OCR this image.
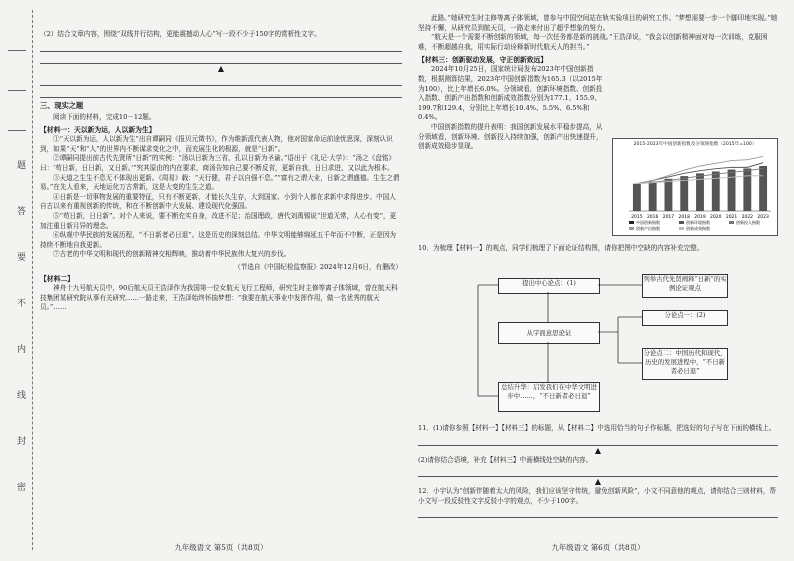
题
答
要
不
内
线
封
密

（2）结合文章内容，围绕“双线并行结构，更能震撼动人心”写一段不少于150字的赏析性文字。

▲
三、现实之题

阅读下面的材料，完成10－12题。

【材料一：天以新为运，人以新为生】

①“天以新为运，人以新为生”出自谭嗣同《报贝元徵书》，作为维新派代表人物，他对国家命运前途忧思深，深刻认识到，如果“天”和“人”的世界内不断谋求变化之中，而充展生化的根源，就是“日新”。

②谭嗣同提出前古代先贤所“日新”的实例：“汤以日新为三省，孔以日新为圣谕。”语出于《礼记·大学》：“汤之《盘铭》曰：‘苟日新，日日新，又日新。’”究其原由的内在要求，商汤告知自己要不断反省，更新自我，日日求进，又以此为根本。

③天道之生生不息无不体现出更新。《周易》载：“天行健，君子以自强不息。”“富有之谓大业，日新之谓盛德。生生之谓易。”在先人看来，天地运化万古常新，这是大变的生生之道。

④日新是一切事物发展的重要特征，只有不断更新，才能长久生存，大到国家、小到个人都在求新中求得进步。中国人自古以来有重视创新的传统，和在不断创新中大发展、建设现代化强国。

⑤“苟日新，日日新”。对个人来说，要不断充实自身，改进不足；治国理政，唐代刘禹锡说“世道无常，人心有变”，更加注重日新月异的理念。

⑥纵观中华民族的发展历程，“不日新者必日退”。这是历史的深刻总结。中华文明能够绵延五千年而不中断，正是因为持续不断地自我更新。

⑦古老的中华文明和现代的创新精神交相辉映，推动着中华民族伟大复兴的步伐。

（节选自《中国纪检监察报》2024年12月6日，有删改）
【材料二】

神舟十九号航天员中，90后航天员王浩泽作为我国第一位女航天飞行工程师，研究生时主修等离子体领域，曾在航天科技集团某研究院从事有关研究……一路走来，王浩泽始终怀揣梦想：“我要在航天事业中发挥作用，做一名优秀的航天员。”……

九年级语文 第5页（共8页）

此路。”她研究生时主修等离子体领域，曾参与中国空间站在轨实验项目的研究工作。“梦想需要一步一个脚印地实现。”她坚持不懈，从研究员到航天员，一路走来付出了超乎想象的努力。

“航天是一个需要不断创新的领域，每一次任务都是新的挑战。”王浩泽说，“我会以创新精神面对每一次训练，克服困难，不断超越自我，用实际行动诠释新时代航天人的担当。”

【材料三：创新驱动发展，守正创新致远】

2024年10月25日，国家统计局发布2023年中国创新指数，根据测算结果，2023年中国创新指数为165.3（以2015年为100），比上年增长6.0%。分领域看，创新环境指数、创新投入指数、创新产出指数和创新成效指数分别为177.1、155.9、199.7和129.4，分别比上年增长10.4%、5.5%、6.5%和0.4%。

中国创新指数的提升表明：我国创新发展水平稳步提高，从分领域看，创新环境、创新投入持续加强，创新产出快速提升，创新成效稳步显现。	2015-2023年中国创新指数及分领域指数（2015年=100）
2015 2016 2017 2018 2019 2020 2021 2022 2023
中国创新指数	创新环境指数	创新投入指数
创新产出指数	创新成效指数

10．为梳理【材料一】的观点，同学们梳理了下面论证结构图，请你把图中空缺的内容补充完整。

提出中心论点：(1)
从字面意思论证
总结升华：启发我们在中华文明进步中……，“不日新者必日退”
列举古代先贤阐释“日新”的实例论证观点
分论点一：(2)
分论点二：中国历代和现代，历史的发展进程中，“不日新者必日退”

11．(1)请你参照【材料一】【材料三】的标题，从【材料二】中选用恰当的句子作标题，把选好的句子写在下面的横线上。

▲

(2)请你结合语境，补充【材料三】中画横线处空缺的内容。

▲

12．小宇认为“创新伴随着太大的风险，我们应该坚守传统，避免创新风险”，小文不同意他的观点，请你结合三则材料，帮小文写一段反驳性文字反驳小宇的观点，不少于100字。

九年级语文 第6页（共8页）
